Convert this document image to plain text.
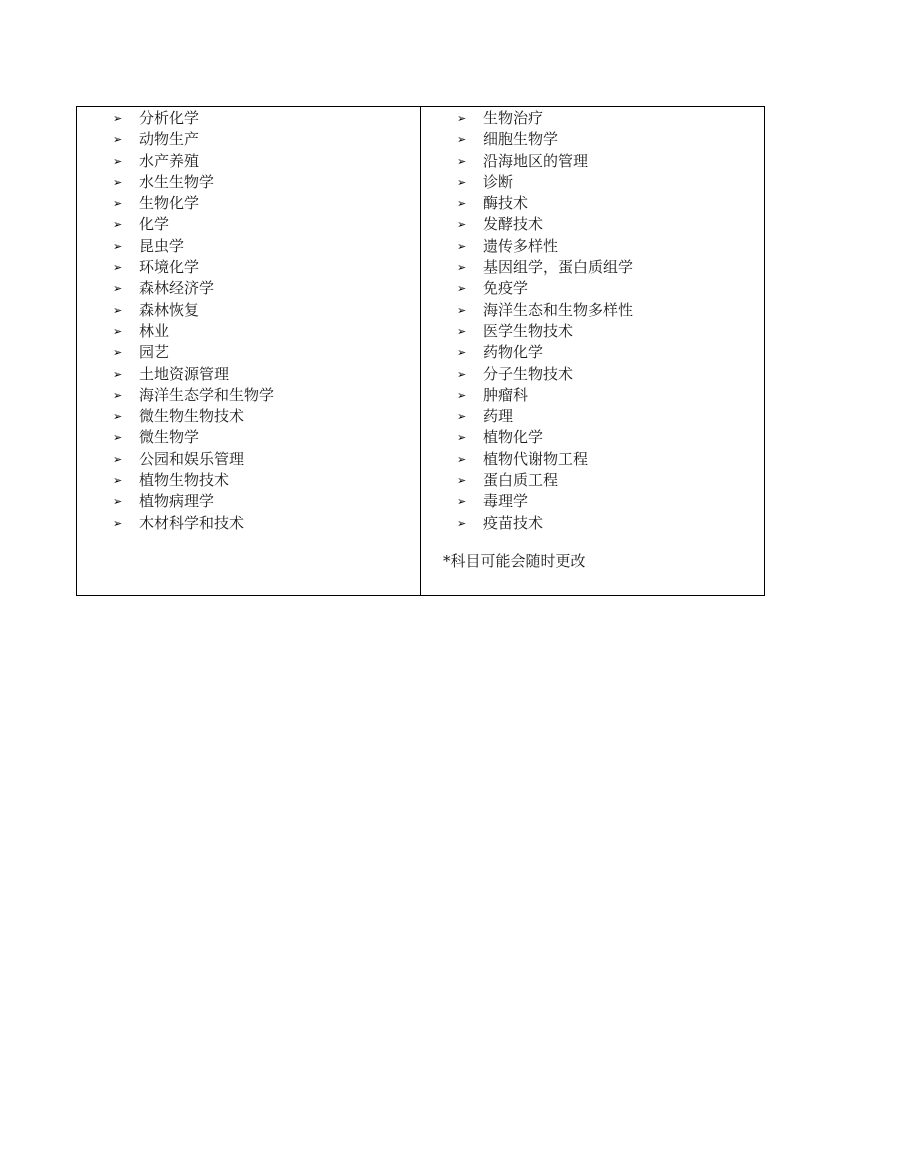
➢	分析化学
➢	动物生产
➢	水产养殖
➢	水生生物学
➢	生物化学
➢	化学
➢	昆虫学
➢	环境化学
➢	森林经济学
➢	森林恢复
➢	林业
➢	园艺
➢	土地资源管理
➢	海洋生态学和生物学
➢	微生物生物技术
➢	微生物学
➢	公园和娱乐管理
➢	植物生物技术
➢	植物病理学
➢	木材科学和技术
➢	生物治疗
➢	细胞生物学
➢	沿海地区的管理
➢	诊断
➢	酶技术
➢	发酵技术
➢	遗传多样性
➢	基因组学，蛋白质组学
➢	免疫学
➢	海洋生态和生物多样性
➢	医学生物技术
➢	药物化学
➢	分子生物技术
➢	肿瘤科
➢	药理
➢	植物化学
➢	植物代谢物工程
➢	蛋白质工程
➢	毒理学
➢	疫苗技术
*科目可能会随时更改
